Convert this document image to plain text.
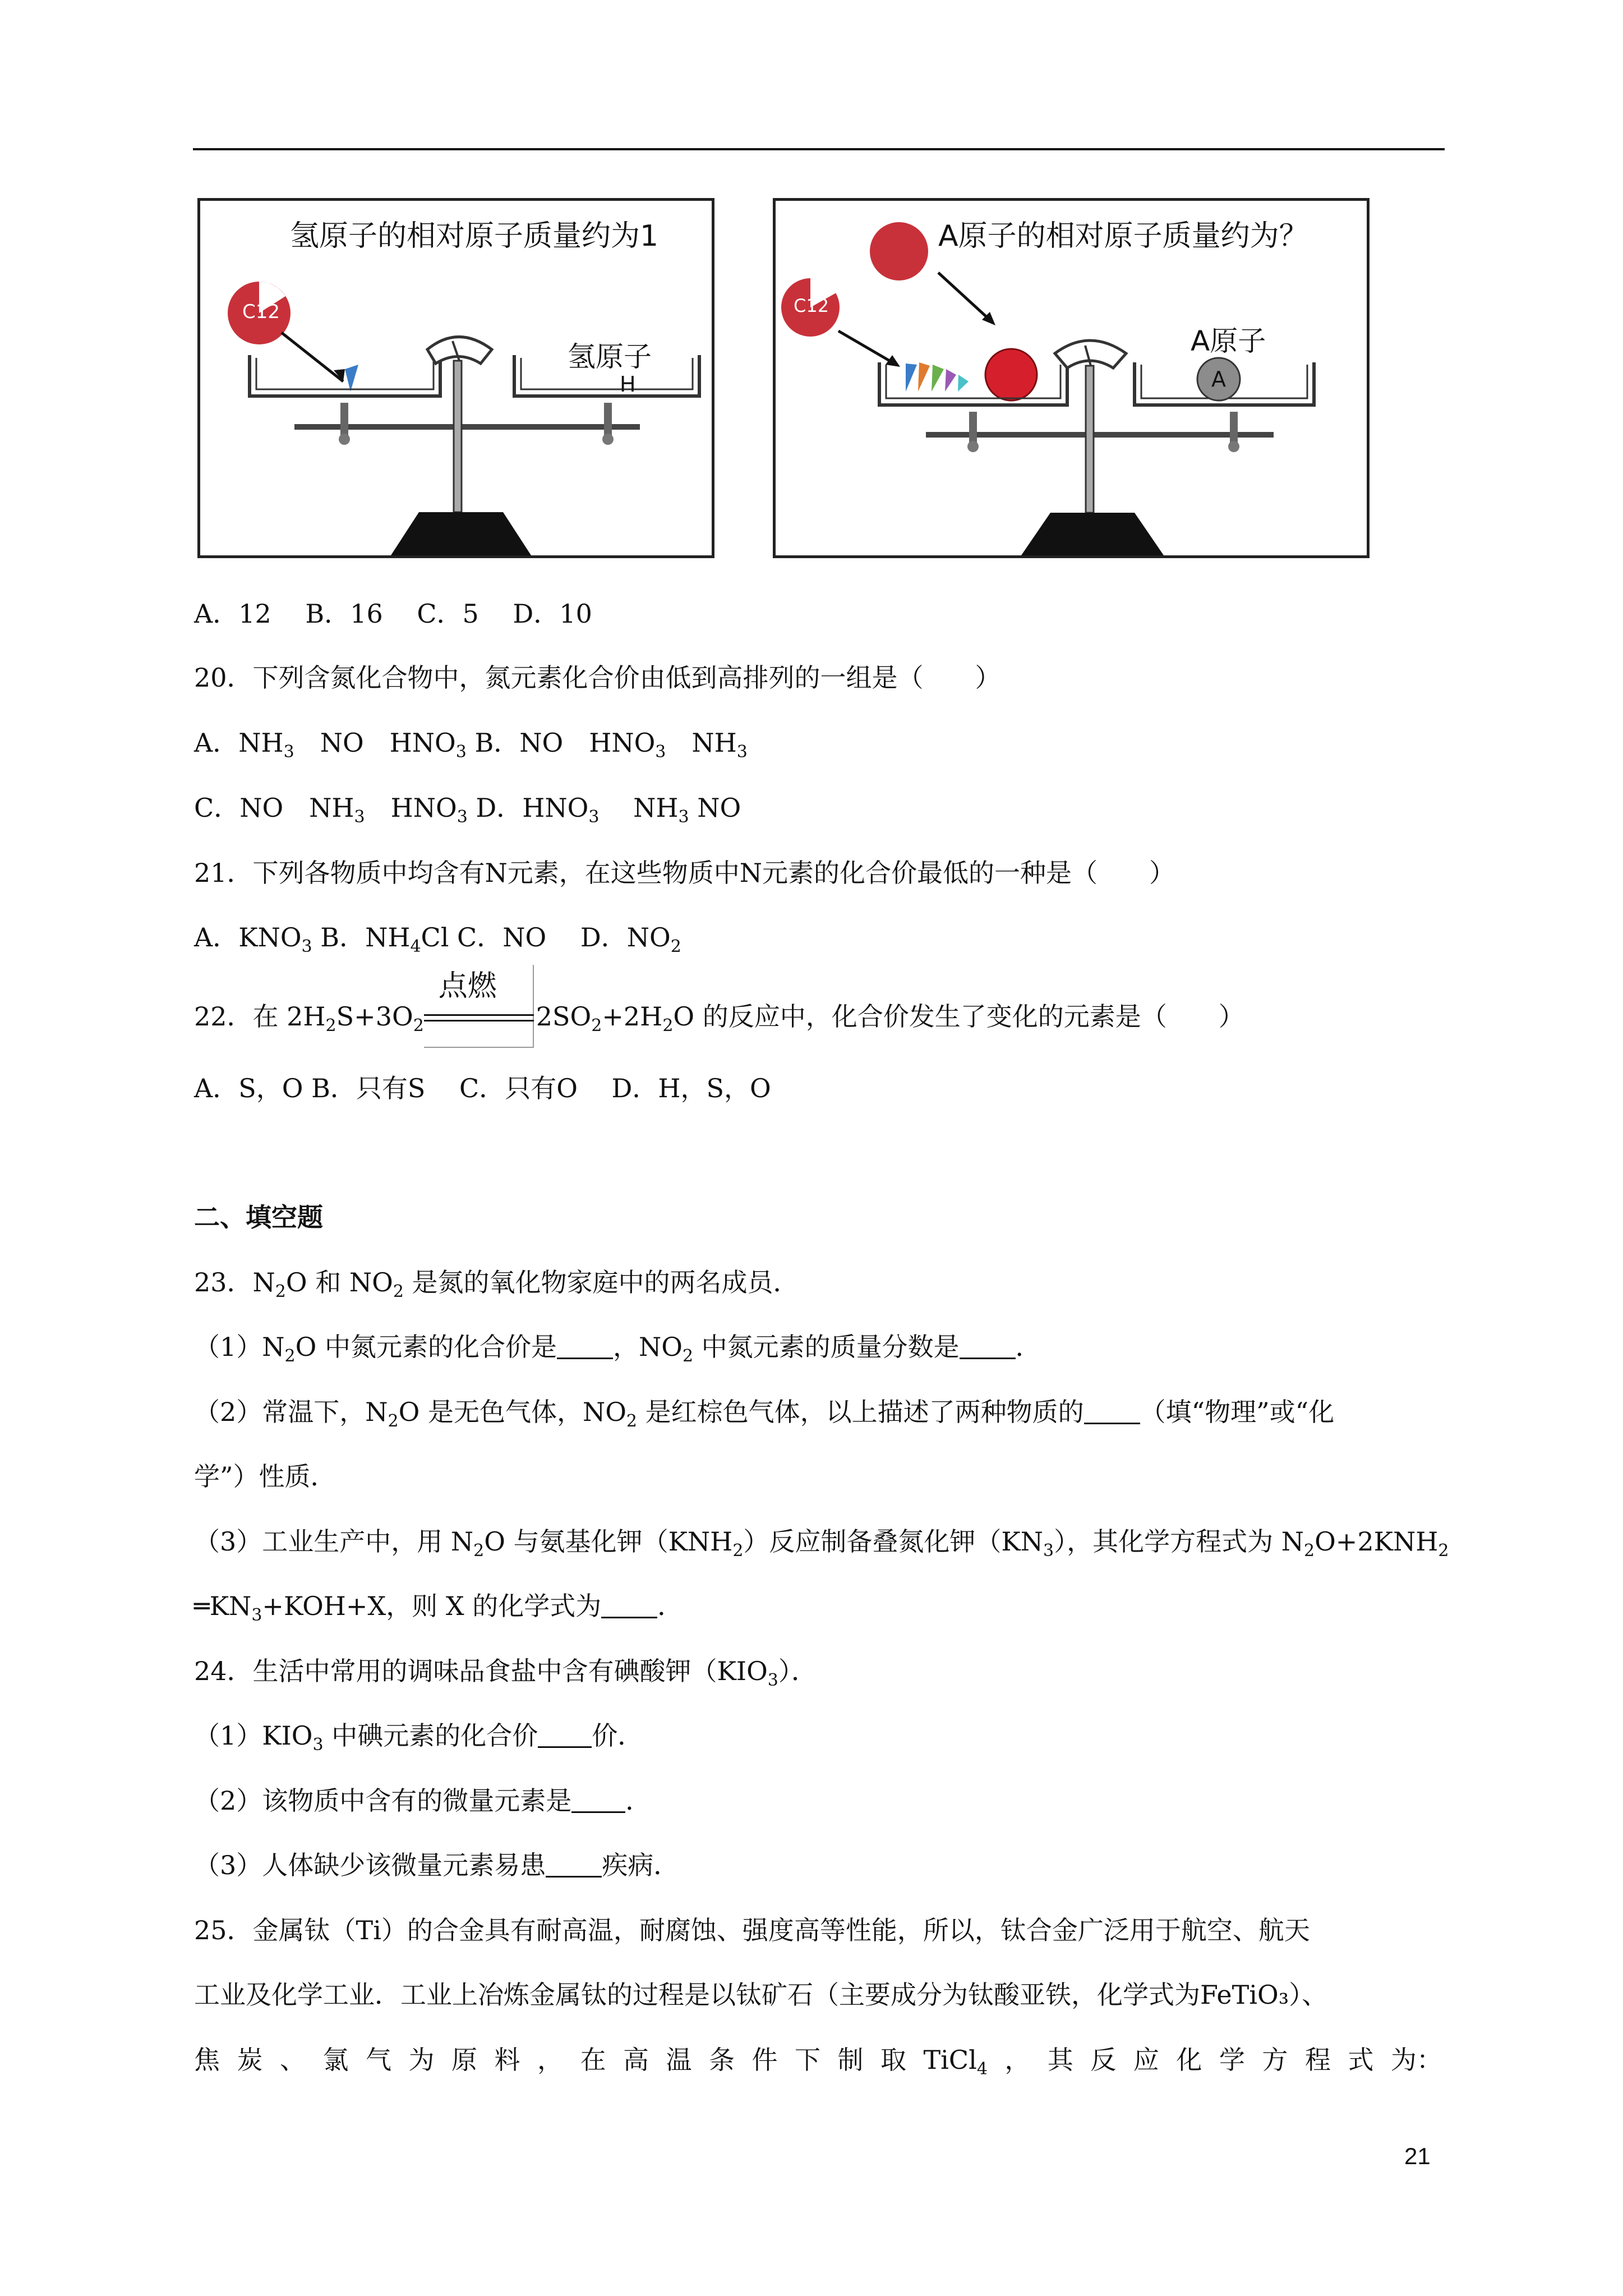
氢原子的相对原子质量约为1
氢原子
H
C12
A原子的相对原子质量约为？
A原子
A
C12
A．12　 B．16　 C．5　 D．10
20．下列含氮化合物中，氮元素化合价由低到高排列的一组是（　　）
A．$NH_3$　NO　$HNO_3$ B．NO　$HNO_3$　$NH_3$
C．NO　$NH_3$　$HNO_3$ D．$HNO_3$　 $NH_3$ NO
21．下列各物质中均含有N元素，在这些物质中N元素的化合价最低的一种是（　　）
A．$KNO_3$ B．$NH_4Cl$ C．NO　 D．$NO_2$
22．在 $2H_2S+3O_2$
点燃
$2SO_2+2H_2O$ 的反应中，化合价发生了变化的元素是（　　）
A．S，O B．只有S　 C．只有O　 D．H，S，O
二、填空题
23．$N_2O$ 和 $NO_2$ 是氮的氧化物家庭中的两名成员．
$(1)N_2O$ 中氮元素的化合价是 ，$NO_2$ 中氮元素的质量分数是 ．
（2）常温下，$N_2O$ 是无色气体，$NO_2$ 是红棕色气体，以上描述了两种物质的 （填“物理”或“化
学”）性质．
（3）工业生产中，用 $N_2O$ 与氨基化钾$(KNH_2)$反应制备叠氮化钾$(KN_3)$，其化学方程式为 $N_2O+2KNH_2$
$═KN_3+KOH+X$，则 X 的化学式为 ．
24．生活中常用的调味品食盐中含有碘酸钾$(KIO_3)$．
$(1)KIO_3$ 中碘元素的化合价 价．
（2）该物质中含有的微量元素是 ．
（3）人体缺少该微量元素易患 疾病．
25．金属钛（Ti）的合金具有耐高温，耐腐蚀、强度高等性能，所以，钛合金广泛用于航空、航天
工业及化学工业．工业上冶炼金属钛的过程是以钛矿石（主要成分为钛酸亚铁，化学式为FeTiO₃）、
焦 炭 、 氯 气 为 原 料 ， 在 高 温 条 件 下 制 取 TiCl$_4$ ， 其 反 应 化 学 方 程 式 为：
21
